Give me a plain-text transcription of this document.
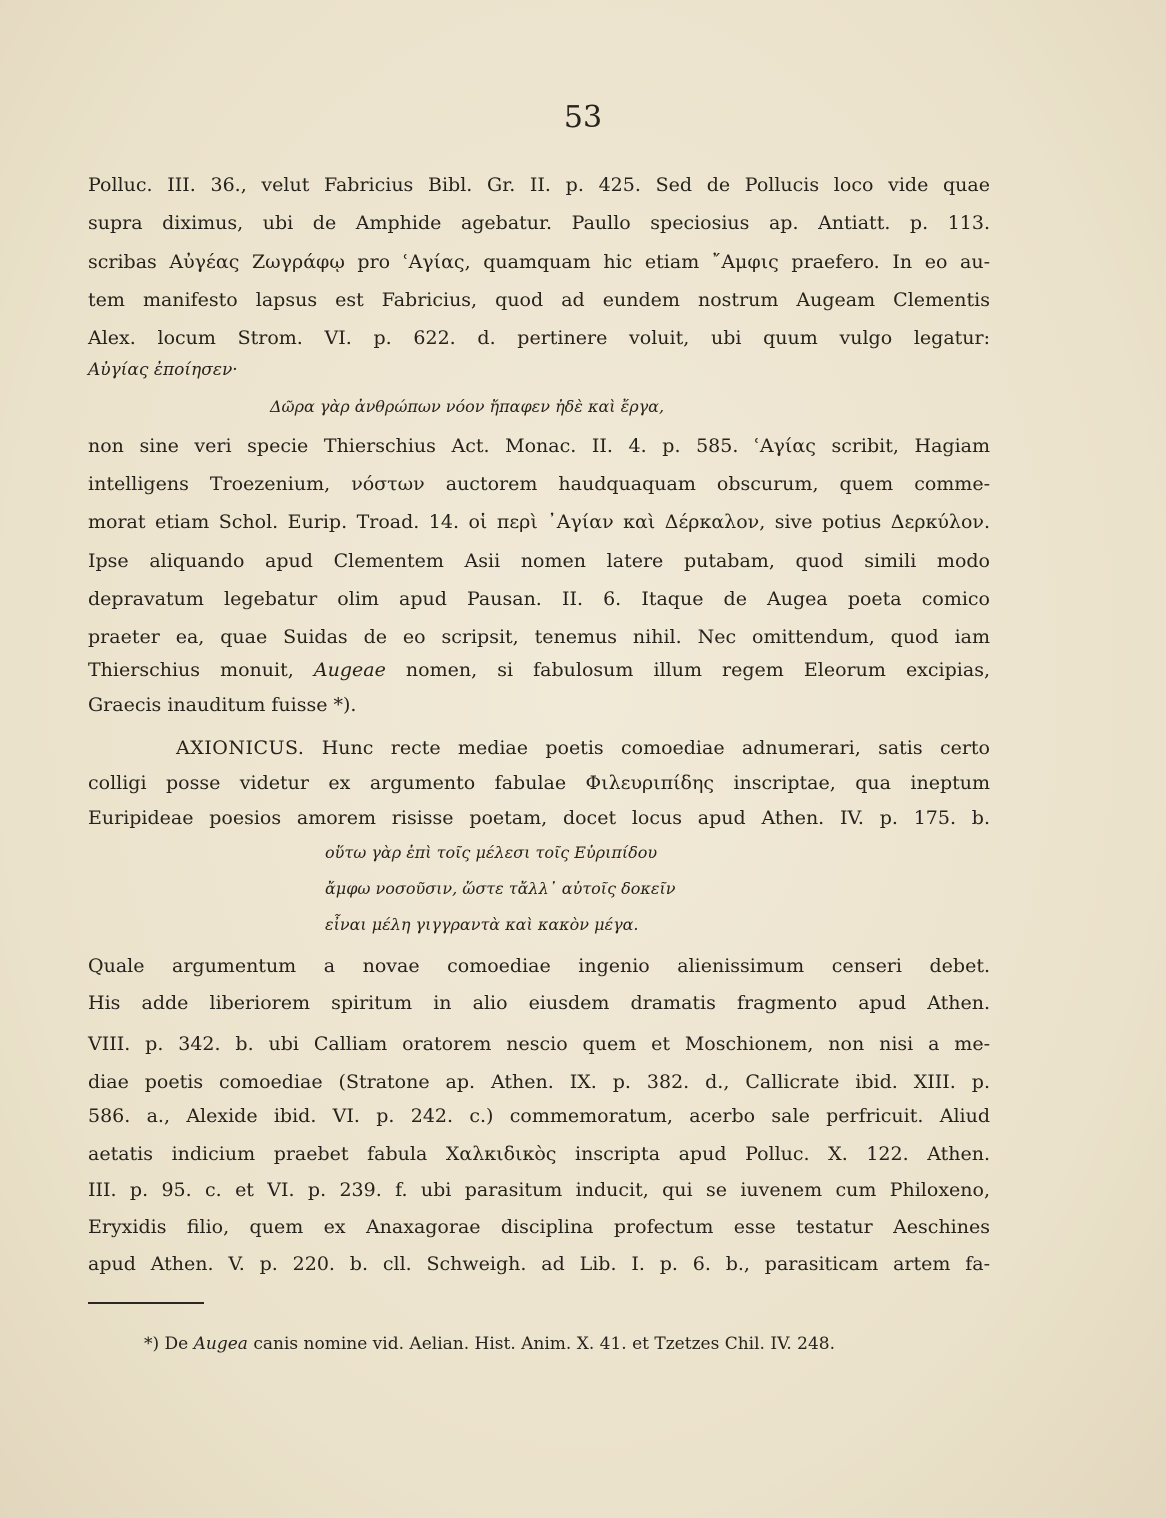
53
Polluc. III. 36., velut Fabricius Bibl. Gr. II. p. 425. Sed de Pollucis loco vide quae
supra diximus, ubi de Amphide agebatur. Paullo speciosius ap. Antiatt. p. 113.
scribas Αὐγέας Ζωγράφῳ pro ʿΑγίας, quamquam hic etiam ῎Αμφις praefero. In eo au-
tem manifesto lapsus est Fabricius, quod ad eundem nostrum Augeam Clementis
Alex. locum Strom. VI. p. 622. d. pertinere voluit, ubi quum vulgo legatur:
Αὐγίας ἐποίησεν·
Δῶρα γὰρ ἀνθρώπων νόον ἤπαφεν ἠδὲ καὶ ἔργα,
non sine veri specie Thierschius Act. Monac. II. 4. p. 585. ʿΑγίας scribit, Hagiam
intelligens Troezenium, νόστων auctorem haudquaquam obscurum, quem comme-
morat etiam Schol. Eurip. Troad. 14. οἱ περὶ ᾿Αγίαν καὶ Δέρκαλον, sive potius Δερκύλον.
Ipse aliquando apud Clementem Asii nomen latere putabam, quod simili modo
depravatum legebatur olim apud Pausan. II. 6. Itaque de Augea poeta comico
praeter ea, quae Suidas de eo scripsit, tenemus nihil. Nec omittendum, quod iam
Thierschius monuit, Augeae nomen, si fabulosum illum regem Eleorum excipias,
Graecis inauditum fuisse *).
AXIONICUS. Hunc recte mediae poetis comoediae adnumerari, satis certo
colligi posse videtur ex argumento fabulae Φιλευριπίδης inscriptae, qua ineptum
Euripideae poesios amorem risisse poetam, docet locus apud Athen. IV. p. 175. b.
οὕτω γὰρ ἐπὶ τοῖς μέλεσι τοῖς Εὐριπίδου
ἄμφω νοσοῦσιν, ὥστε τἄλλ᾿ αὐτοῖς δοκεῖν
εἶναι μέλη γιγγραντὰ καὶ κακὸν μέγα.
Quale argumentum a novae comoediae ingenio alienissimum censeri debet.
His adde liberiorem spiritum in alio eiusdem dramatis fragmento apud Athen.
VIII. p. 342. b. ubi Calliam oratorem nescio quem et Moschionem, non nisi a me-
diae poetis comoediae (Stratone ap. Athen. IX. p. 382. d., Callicrate ibid. XIII. p.
586. a., Alexide ibid. VI. p. 242. c.) commemoratum, acerbo sale perfricuit. Aliud
aetatis indicium praebet fabula Χαλκιδικὸς inscripta apud Polluc. X. 122. Athen.
III. p. 95. c. et VI. p. 239. f. ubi parasitum inducit, qui se iuvenem cum Philoxeno,
Eryxidis filio, quem ex Anaxagorae disciplina profectum esse testatur Aeschines
apud Athen. V. p. 220. b. cll. Schweigh. ad Lib. I. p. 6. b., parasiticam artem fa-
*) De Augea canis nomine vid. Aelian. Hist. Anim. X. 41. et Tzetzes Chil. IV. 248.
